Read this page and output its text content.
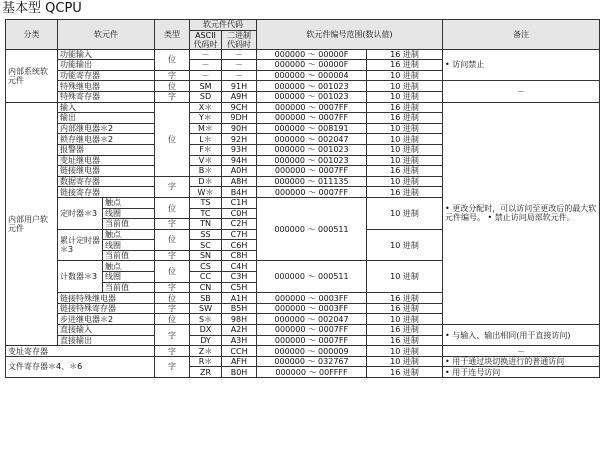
基本型 QCPU
分类	软元件		类型	软元件代码		软元件编号范围(数认值)		备注
				ASCII 代码时	二进制 代码时			
内部系统软元件	功能输入		位	－	－	000000 ～ 00000F	16 进制	• 访问禁止
	功能输出			－	－	000000 ～ 00000F	16 进制	
	功能寄存器		字	－	－	000000 ～ 000004	10 进制	
	特殊继电器		位	SM	91H	000000 ～ 001023	10 进制	－
	特殊寄存器		字	SD	A9H	000000 ～ 001023	10 进制	
内部用户软元件	输入		位	X＊	9CH	000000 ～ 0007FF	16 进制	• 更改分配时，可以访问至更改后的最大软元件编号。 • 禁止访问局部软元件。
	输出			Y＊	9DH	000000 ～ 0007FF	16 进制	
	内部继电器＊2			M＊	90H	000000 ～ 008191	10 进制	
	锁存继电器＊2			L＊	92H	000000 ～ 002047	10 进制	
	报警器			F＊	93H	000000 ～ 001023	10 进制	
	变址继电器			V＊	94H	000000 ～ 001023	10 进制	
	链接继电器			B＊	A0H	000000 ～ 0007FF	16 进制	
	数据寄存器		字	D＊	A8H	000000 ～ 011135	10 进制	
	链接寄存器			W＊	B4H	000000 ～ 0007FF	16 进制	
	定时器＊3	触点	位	TS	C1H	000000 ～ 000511	10 进制	
		线圈		TC	C0H			
		当前值	字	TN	C2H			
	累计定时器＊3	触点	位	SS	C7H		10 进制	
		线圈		SC	C6H			
		当前值	字	SN	C8H			
	计数器＊3	触点	位	CS	C4H	000000 ～ 000511	10 进制	
		线圈		CC	C3H			
		当前值	字	CN	C5H			
	链接特殊继电器		位	SB	A1H	000000 ～ 0003FF	16 进制	
	链接特殊寄存器		字	SW	B5H	000000 ～ 0003FF	16 进制	
	步进继电器＊2		位	S＊	98H	000000 ～ 002047	10 进制	
	直接输入		字	DX	A2H	000000 ～ 0007FF	16 进制	• 与输入、输出相同(用于直接访问)
	直接输出			DY	A3H	000000 ～ 0007FF	16 进制	
变址寄存器			字	Z＊	CCH	000000 ～ 000009	10 进制	－
文件寄存器＊4、＊6			字	R＊	AFH	000000 ～ 032767	10 进制	• 用于通过块切换进行的普通访问
				ZR	B0H	000000 ～ 00FFFF	16 进制	• 用于连号访问
